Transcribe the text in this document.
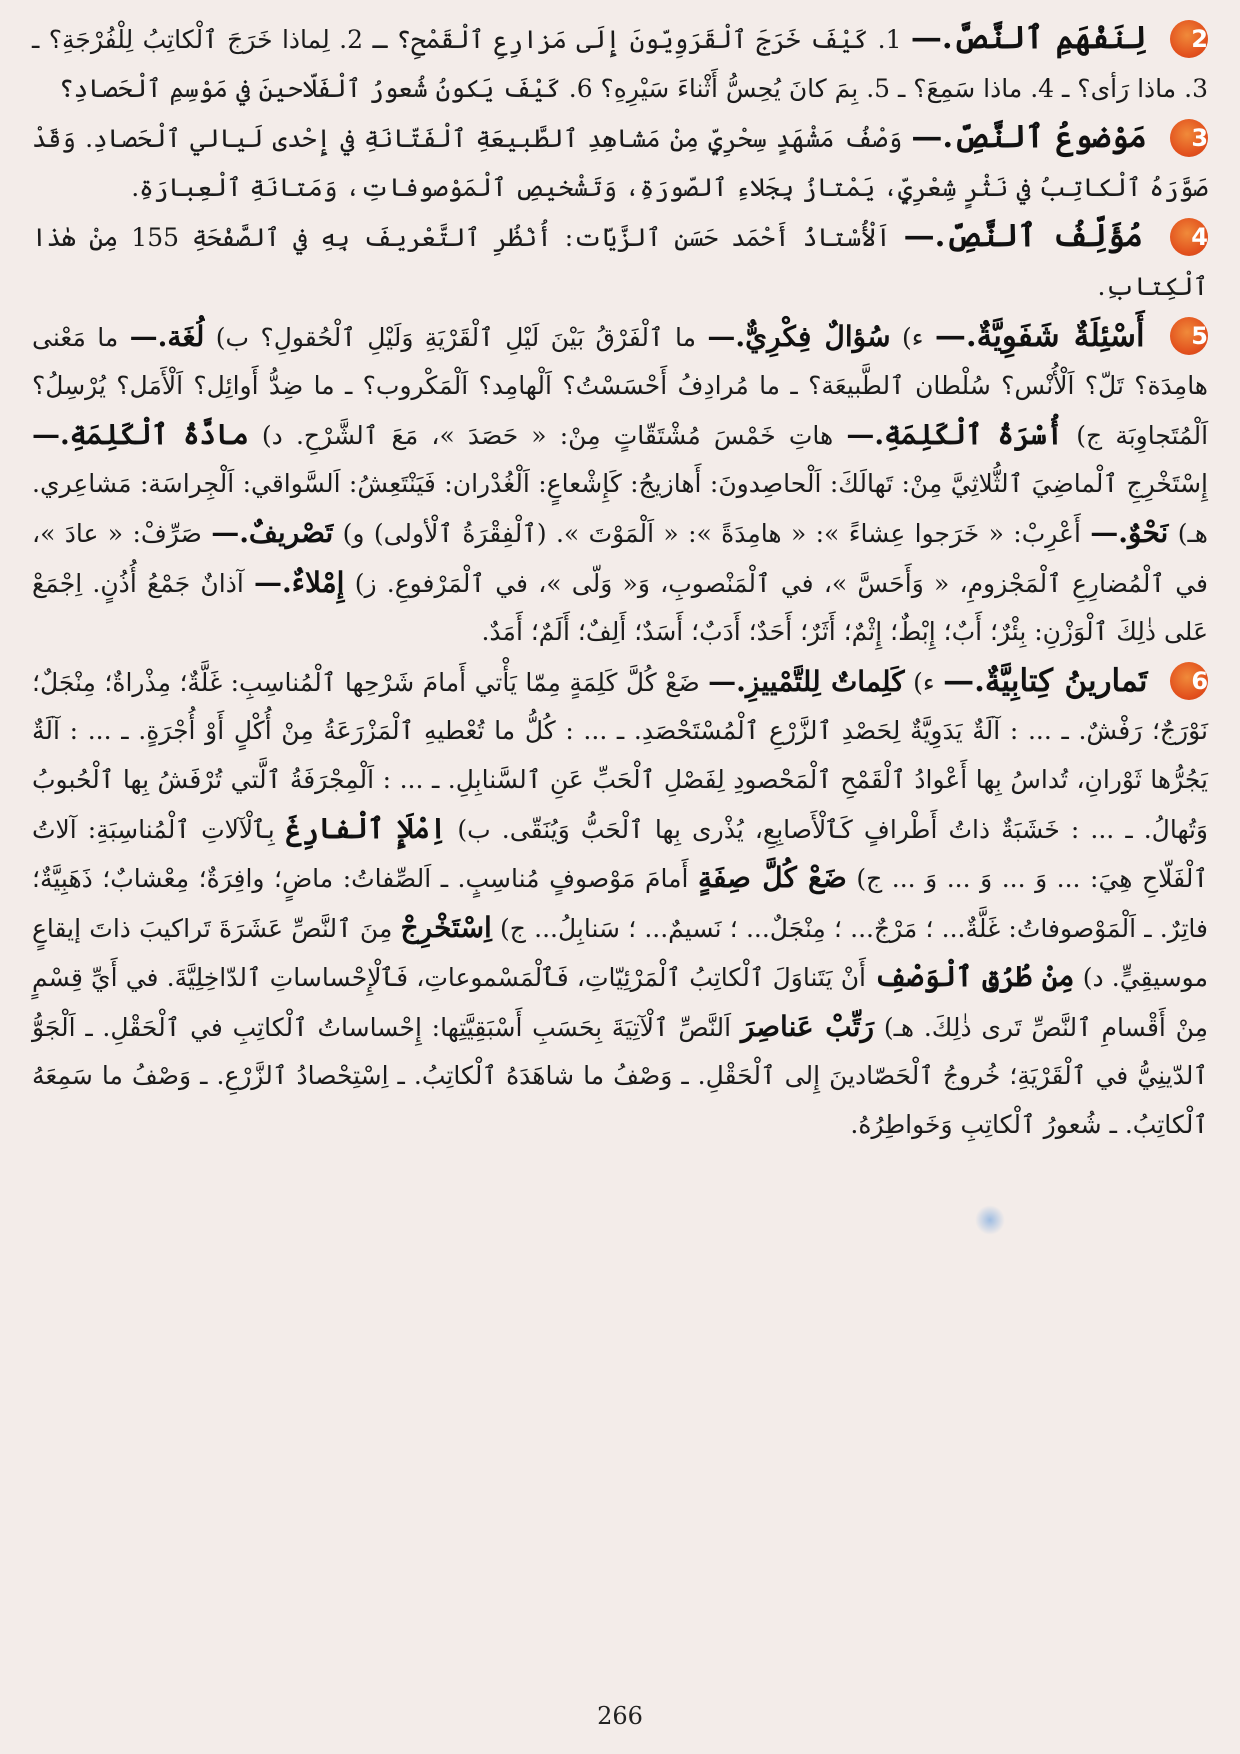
2 لِنَفْهَمِ ٱلنَّصَّ.— 1. كَيْفَ خَرَجَ ٱلْقَرَوِيّونَ إِلَى مَزارِعِ ٱلْقَمْحِ؟ ـ 2. لِماذا خَرَجَ ٱلْكاتِبُ لِلْفُرْجَةِ؟ ـ 3. ماذا رَأى؟ ـ 4. ماذا سَمِعَ؟ ـ 5. بِمَ كانَ يُحِسُّ أَثْناءَ سَيْرِهِ؟ 6. كَيْفَ يَكونُ شُعورُ ٱلْفَلّاحينَ في مَوْسِمِ ٱلْحَصادِ؟

3 مَوْضوعُ ٱلنَّصِّ.— وَصْفُ مَشْهَدٍ سِحْرِيٍّ مِنْ مَشاهِدِ ٱلطَّبيعَةِ ٱلْفَتّانَةِ في إِحْدى لَيالي ٱلْحَصادِ. وَقَدْ صَوَّرَهُ ٱلْكاتِبُ في نَثْرٍ شِعْرِيٍّ، يَمْتازُ بِجَلاءِ ٱلصّورَةِ، وَتَشْخيصِ ٱلْمَوْصوفاتِ، وَمَتانَةِ ٱلْعِبارَةِ.

4 مُؤَلِّفُ ٱلنَّصِّ.— اَلْأُسْتاذُ أَحْمَد حَسَن ٱلزَّيّات: أُنْظُرِ ٱلتَّعْريفَ بِهِ في ٱلصَّفْحَةِ 155 مِنْ هٰذا ٱلْكِتابِ.

5 أَسْئِلَةٌ شَفَوِيَّةٌ.— ء) سُؤالٌ فِكْرِيٌّ.— ما ٱلْفَرْقُ بَيْنَ لَيْلِ ٱلْقَرْيَةِ وَلَيْلِ ٱلْحُقولِ؟ ب) لُغَة.— ما مَعْنى هامِدَة؟ تَلّ؟ اَلْأُنْس؟ سُلْطان ٱلطَّبيعَة؟ ـ ما مُرادِفُ أَحْسَسْتُ؟ اَلْهامِد؟ اَلْمَكْروب؟ ـ ما ضِدُّ أَوائِل؟ اَلْأَمَل؟ يُرْسِلُ؟ اَلْمُتَجاوِبَة ج) أُسْرَةُ ٱلْكَلِمَةِ.— هاتِ خَمْسَ مُشْتَقّاتٍ مِنْ: « حَصَدَ »، مَعَ ٱلشَّرْحِ. د) مادَّةُ ٱلْكَلِمَةِ.— إِسْتَخْرِجِ ٱلْماضِيَ ٱلثُّلاثِيَّ مِنْ: تَهالَكَ: اَلْحاصِدونَ: أَهازيجُ: كَإِشْعاعٍ: اَلْغُدْران: فَيَنْتَعِشُ: اَلسَّواقي: اَلْجِراسَة: مَشاعِري. هـ) نَحْوٌ.— أَعْرِبْ: « خَرَجوا عِشاءً »: « هامِدَةً »: « اَلْمَوْتَ ». (ٱلْفِقْرَةُ ٱلْأولى) و) تَصْريفٌ.— صَرِّفْ: « عادَ »، في ٱلْمُضارِعِ ٱلْمَجْزومِ، « وَأَحَسَّ »، في ٱلْمَنْصوبِ، وَ« وَلّى »، في ٱلْمَرْفوعِ. ز) إِمْلاءٌ.— آذانٌ جَمْعُ أُذُنٍ. اِجْمَعْ عَلى ذٰلِكَ ٱلْوَزْنِ: بِئْرٌ؛ أَبٌ؛ إِبْطٌ؛ إِثْمٌ؛ أَثَرٌ؛ أَحَدٌ؛ أَدَبٌ؛ أَسَدٌ؛ أَلِفٌ؛ أَلَمٌ؛ أَمَدٌ.

6 تَمارينُ كِتابِيَّةٌ.— ء) كَلِماتٌ لِلتَّمْييزِ.— ضَعْ كُلَّ كَلِمَةٍ مِمّا يَأْتي أَمامَ شَرْحِها ٱلْمُناسِبِ: غَلَّةٌ؛ مِذْراةٌ؛ مِنْجَلٌ؛ نَوْرَجٌ؛ رَفْشٌ. ـ ... : آلَةٌ يَدَوِيَّةٌ لِحَصْدِ ٱلزَّرْعِ ٱلْمُسْتَحْصَدِ. ـ ... : كُلُّ ما تُعْطيهِ ٱلْمَزْرَعَةُ مِنْ أُكْلٍ أَوْ أُجْرَةٍ. ـ ... : آلَةٌ يَجُرُّها ثَوْرانِ، تُداسُ بِها أَعْوادُ ٱلْقَمْحِ ٱلْمَحْصودِ لِفَصْلِ ٱلْحَبِّ عَنِ ٱلسَّنابِلِ. ـ ... : اَلْمِجْرَفَةُ ٱلَّتي تُرْفَشُ بِها ٱلْحُبوبُ وَتُهالُ. ـ ... : خَشَبَةٌ ذاتُ أَطْرافٍ كَٱلْأَصابِعِ، يُذْرى بِها ٱلْحَبُّ وَيُنَقّى. ب) اِمْلَإِ ٱلْفارِغَ بِٱلْآلاتِ ٱلْمُناسِبَةِ: آلاتُ ٱلْفَلّاحِ هِيَ: ... وَ ... وَ ... وَ ... ج) ضَعْ كُلَّ صِفَةٍ أَمامَ مَوْصوفٍ مُناسِبٍ. ـ اَلصِّفاتُ: ماضٍ؛ وافِرَةٌ؛ مِعْشابٌ؛ ذَهَبِيَّةٌ؛ فاتِرٌ. ـ اَلْمَوْصوفاتُ: غَلَّةٌ... ؛ مَرْجٌ... ؛ مِنْجَلٌ... ؛ نَسيمٌ... ؛ سَنابِلُ... ج) اِسْتَخْرِجْ مِنَ ٱلنَّصِّ عَشَرَةَ تَراكيبَ ذاتَ إيقاعٍ موسيقِيٍّ. د) مِنْ طُرُقِ ٱلْوَصْفِ أَنْ يَتَناوَلَ ٱلْكاتِبُ ٱلْمَرْئِيّاتِ، فَٱلْمَسْموعاتِ، فَٱلْإِحْساساتِ ٱلدّاخِلِيَّةَ. في أَيِّ قِسْمٍ مِنْ أَقْسامِ ٱلنَّصِّ تَرى ذٰلِكَ. هـ) رَتِّبْ عَناصِرَ اَلنَّصِّ ٱلْآتِيَةَ بِحَسَبِ أَسْبَقِيَّتِها: إِحْساساتُ ٱلْكاتِبِ في ٱلْحَقْلِ. ـ اَلْجَوُّ ٱلدّينِيُّ في ٱلْقَرْيَةِ؛ خُروجُ ٱلْحَصّادينَ إِلى ٱلْحَقْلِ. ـ وَصْفُ ما شاهَدَهُ ٱلْكاتِبُ. ـ اِسْتِحْصادُ ٱلزَّرْعِ. ـ وَصْفُ ما سَمِعَهُ ٱلْكاتِبُ. ـ شُعورُ ٱلْكاتِبِ وَخَواطِرُهُ.

266
